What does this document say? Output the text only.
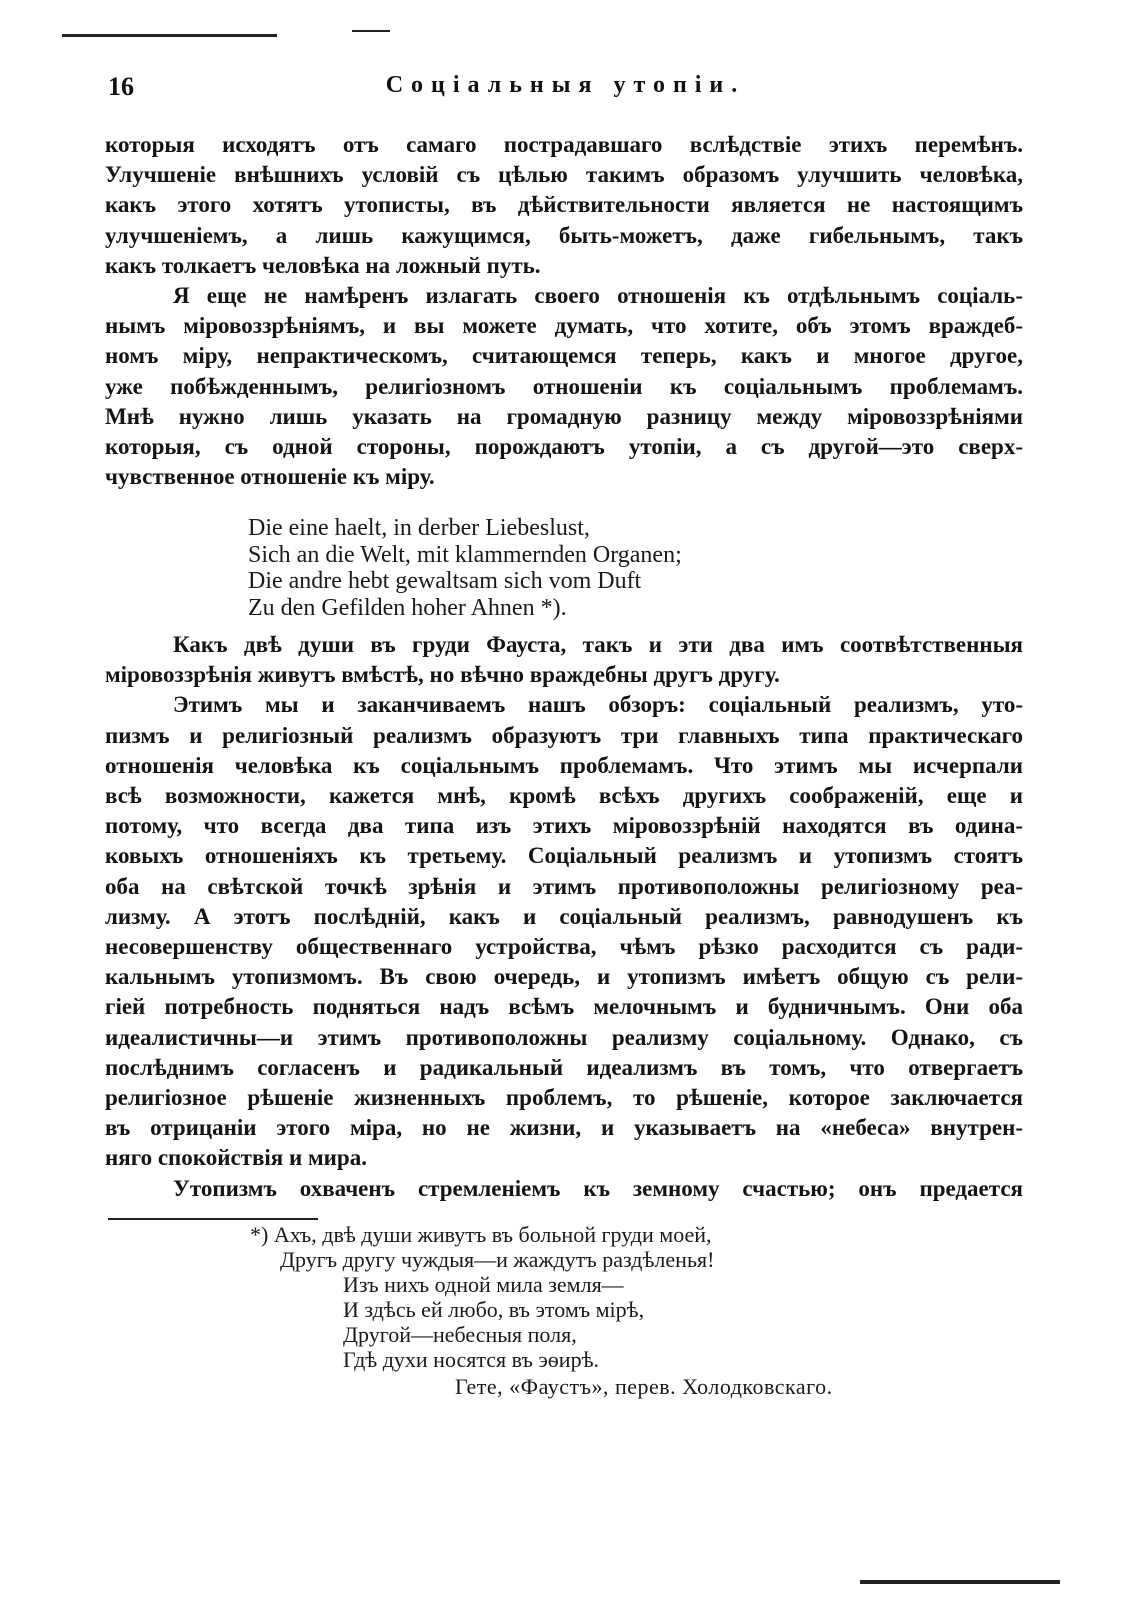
16	Соцiальныя утопiи.

которыя исходятъ отъ самаго пострадавшаго вслѣдствiе этихъ перемѣнъ.
Улучшенiе внѣшнихъ условiй съ цѣлью такимъ образомъ улучшить человѣка,
какъ этого хотятъ утописты, въ дѣйствительности является не настоящимъ
улучшенiемъ, а лишь кажущимся, быть-можетъ, даже гибельнымъ, такъ
какъ толкаетъ человѣка на ложный путь.

Я еще не намѣренъ излагать своего отношенiя къ отдѣльнымъ соцiаль-
нымъ мiровоззрѣнiямъ, и вы можете думать, что хотите, объ этомъ враждеб-
номъ мiру, непрактическомъ, считающемся теперь, какъ и многое другое,
уже побѣжденнымъ, религiозномъ отношенiи къ соцiальнымъ проблемамъ.
Мнѣ нужно лишь указать на громадную разницу между мiровоззрѣнiями
которыя, съ одной стороны, порождаютъ утопiи, а съ другой—это сверх-
чувственное отношенiе къ мiру.

Die eine haelt, in derber Liebeslust,
Sich an die Welt, mit klammernden Organen;
Die andre hebt gewaltsam sich vom Duft
Zu den Gefilden hoher Ahnen *).

Какъ двѣ души въ груди Фауста, такъ и эти два имъ соотвѣтственныя
мiровоззрѣнiя живутъ вмѣстѣ, но вѣчно враждебны другъ другу.

Этимъ мы и заканчиваемъ нашъ обзоръ: соцiальный реализмъ, уто-
пизмъ и религiозный реализмъ образуютъ три главныхъ типа практическаго
отношенiя человѣка къ соцiальнымъ проблемамъ. Что этимъ мы исчерпали
всѣ возможности, кажется мнѣ, кромѣ всѣхъ другихъ соображенiй, еще и
потому, что всегда два типа изъ этихъ мiровоззрѣнiй находятся въ одина-
ковыхъ отношенiяхъ къ третьему. Соцiальный реализмъ и утопизмъ стоятъ
оба на свѣтской точкѣ зрѣнiя и этимъ противоположны религiозному реа-
лизму. А этотъ послѣднiй, какъ и соцiальный реализмъ, равнодушенъ къ
несовершенству общественнаго устройства, чѣмъ рѣзко расходится съ ради-
кальнымъ утопизмомъ. Въ свою очередь, и утопизмъ имѣетъ общую съ рели-
гiей потребность подняться надъ всѣмъ мелочнымъ и будничнымъ. Они оба
идеалистичны—и этимъ противоположны реализму соцiальному. Однако, съ
послѣднимъ согласенъ и радикальный идеализмъ въ томъ, что отвергаетъ
религiозное рѣшенiе жизненныхъ проблемъ, то рѣшенiе, которое заключается
въ отрицанiи этого мiра, но не жизни, и указываетъ на «небеса» внутрен-
няго спокойствiя и мира.

Утопизмъ охваченъ стремленiемъ къ земному счастью; онъ предается

*) Ахъ, двѣ души живутъ въ больной груди моей,
Другъ другу чуждыя—и жаждутъ раздѣленья!
Изъ нихъ одной мила земля—
И здѣсь ей любо, въ этомъ мiрѣ,
Другой—небесныя поля,
Гдѣ духи носятся въ эѳирѣ.
Гете, «Фаустъ», перев. Холодковскаго.
